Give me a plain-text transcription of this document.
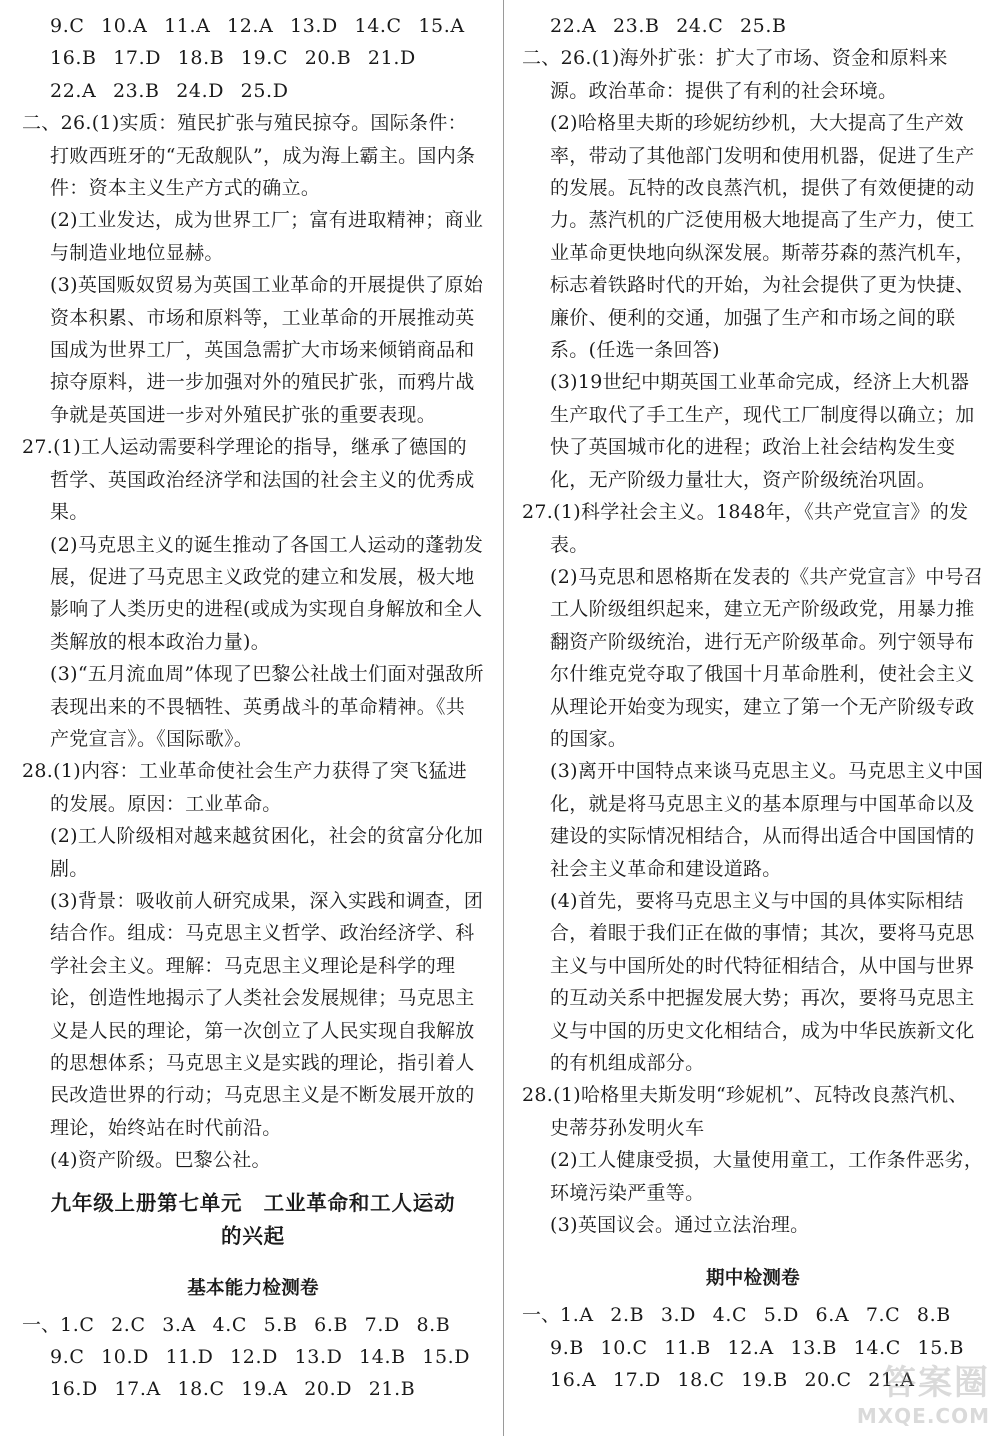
9.C 10.A 11.A 12.A 13.D 14.C 15.A

16.B 17.D 18.B 19.C 20.B 21.D

22.A 23.B 24.D 25.D

二、26.(1)实质：殖民扩张与殖民掠夺。国际条件：打败西班牙的“无敌舰队”，成为海上霸主。国内条件：资本主义生产方式的确立。

(2)工业发达，成为世界工厂；富有进取精神；商业与制造业地位显赫。

(3)英国贩奴贸易为英国工业革命的开展提供了原始资本积累、市场和原料等，工业革命的开展推动英国成为世界工厂，英国急需扩大市场来倾销商品和掠夺原料，进一步加强对外的殖民扩张，而鸦片战争就是英国进一步对外殖民扩张的重要表现。

27.(1)工人运动需要科学理论的指导，继承了德国的哲学、英国政治经济学和法国的社会主义的优秀成果。

(2)马克思主义的诞生推动了各国工人运动的蓬勃发展，促进了马克思主义政党的建立和发展，极大地影响了人类历史的进程(或成为实现自身解放和全人类解放的根本政治力量)。

(3)“五月流血周”体现了巴黎公社战士们面对强敌所表现出来的不畏牺牲、英勇战斗的革命精神。《共产党宣言》。《国际歌》。

28.(1)内容：工业革命使社会生产力获得了突飞猛进的发展。原因：工业革命。

(2)工人阶级相对越来越贫困化，社会的贫富分化加剧。

(3)背景：吸收前人研究成果，深入实践和调查，团结合作。组成：马克思主义哲学、政治经济学、科学社会主义。理解：马克思主义理论是科学的理论，创造性地揭示了人类社会发展规律；马克思主义是人民的理论，第一次创立了人民实现自我解放的思想体系；马克思主义是实践的理论，指引着人民改造世界的行动；马克思主义是不断发展开放的理论，始终站在时代前沿。

(4)资产阶级。巴黎公社。

九年级上册第七单元　工业革命和工人运动
的兴起
基本能力检测卷

一、1.C 2.C 3.A 4.C 5.B 6.B 7.D 8.B

9.C 10.D 11.D 12.D 13.D 14.B 15.D

16.D 17.A 18.C 19.A 20.D 21.B

22.A 23.B 24.C 25.B

二、26.(1)海外扩张：扩大了市场、资金和原料来源。政治革命：提供了有利的社会环境。

(2)哈格里夫斯的珍妮纺纱机，大大提高了生产效率，带动了其他部门发明和使用机器，促进了生产的发展。瓦特的改良蒸汽机，提供了有效便捷的动力。蒸汽机的广泛使用极大地提高了生产力，使工业革命更快地向纵深发展。斯蒂芬森的蒸汽机车，标志着铁路时代的开始，为社会提供了更为快捷、廉价、便利的交通，加强了生产和市场之间的联系。(任选一条回答)

(3)19世纪中期英国工业革命完成，经济上大机器生产取代了手工生产，现代工厂制度得以确立；加快了英国城市化的进程；政治上社会结构发生变化，无产阶级力量壮大，资产阶级统治巩固。

27.(1)科学社会主义。1848年，《共产党宣言》的发表。

(2)马克思和恩格斯在发表的《共产党宣言》中号召工人阶级组织起来，建立无产阶级政党，用暴力推翻资产阶级统治，进行无产阶级革命。列宁领导布尔什维克党夺取了俄国十月革命胜利，使社会主义从理论开始变为现实，建立了第一个无产阶级专政的国家。

(3)离开中国特点来谈马克思主义。马克思主义中国化，就是将马克思主义的基本原理与中国革命以及建设的实际情况相结合，从而得出适合中国国情的社会主义革命和建设道路。

(4)首先，要将马克思主义与中国的具体实际相结合，着眼于我们正在做的事情；其次，要将马克思主义与中国所处的时代特征相结合，从中国与世界的互动关系中把握发展大势；再次，要将马克思主义与中国的历史文化相结合，成为中华民族新文化的有机组成部分。

28.(1)哈格里夫斯发明“珍妮机”、瓦特改良蒸汽机、史蒂芬孙发明火车

(2)工人健康受损，大量使用童工，工作条件恶劣，环境污染严重等。

(3)英国议会。通过立法治理。

期中检测卷

一、1.A 2.B 3.D 4.C 5.D 6.A 7.C 8.B

9.B 10.C 11.B 12.A 13.B 14.C 15.B

16.A 17.D 18.C 19.B 20.C 21.A

答案圈
MXQE.COM
